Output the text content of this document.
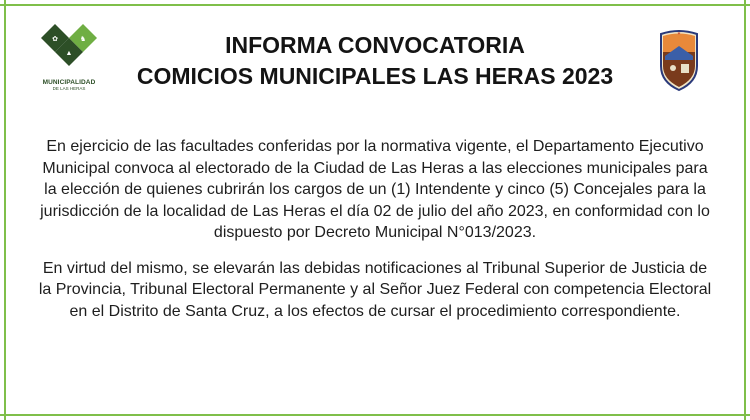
✿	♞
▲
MUNICIPALIDAD
DE LAS HERAS
INFORMA CONVOCATORIA
COMICIOS MUNICIPALES LAS HERAS 2023
✶

En ejercicio de las facultades conferidas por la normativa vigente, el Departamento Ejecutivo Municipal convoca al electorado de la Ciudad de Las Heras a las elecciones municipales para la elección de quienes cubrirán los cargos de un (1) Intendente y cinco (5) Concejales para la jurisdicción de la localidad de Las Heras el día 02 de julio del año 2023, en conformidad con lo dispuesto por Decreto Municipal N°013/2023.

En virtud del mismo, se elevarán las debidas notificaciones al Tribunal Superior de Justicia de la Provincia, Tribunal Electoral Permanente y al Señor Juez Federal con competencia Electoral en el Distrito de Santa Cruz, a los efectos de cursar el procedimiento correspondiente.
